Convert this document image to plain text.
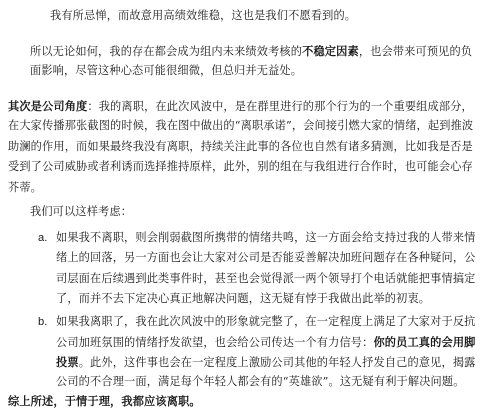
我有所忌惮，而故意用高绩效维稳，这也是我们不愿看到的。
所以无论如何，我的存在都会成为组内未来绩效考核的不稳定因素，也会带来可预见的负
面影响，尽管这种心态可能很细微，但总归并无益处。
其次是公司角度：我的离职，在此次风波中，是在群里进行的那个行为的一个重要组成部分，
在大家传播那张截图的时候，我在图中做出的“离职承诺”，会间接引燃大家的情绪，起到推波
助澜的作用，而如果最终我没有离职，持续关注此事的各位也自然有诸多猜测，比如我是否是
受到了公司威胁或者利诱而选择推持原样，此外，别的组在与我组进行合作时，也可能会心存
芥蒂。
我们可以这样考虑：
a. 如果我不离职，则会削弱截图所携带的情绪共鸣，这一方面会给支持过我的人带来情
绪上的回落，另一方面也会让大家对公司是否能妥善解决加班问题存在各种疑问，公
司层面在后续遇到此类事件时，甚至也会觉得派一两个领导打个电话就能把事情搞定
了，而并不去下定决心真正地解决问题，这无疑有悖于我做出此举的初衷。
b. 如果我离职了，我在此次风波中的形象就完整了，在一定程度上满足了大家对于反抗
公司加班氛围的情绪抒发欲望，也会给公司传达一个有力信号：你的员工真的会用脚
投票。此外，这件事也会在一定程度上激励公司其他的年轻人抒发自己的意见，揭露
公司的不合理一面，满足每个年轻人都会有的“英雄欲”。这无疑有利于解决问题。
综上所述，于情于理，我都应该离职。
